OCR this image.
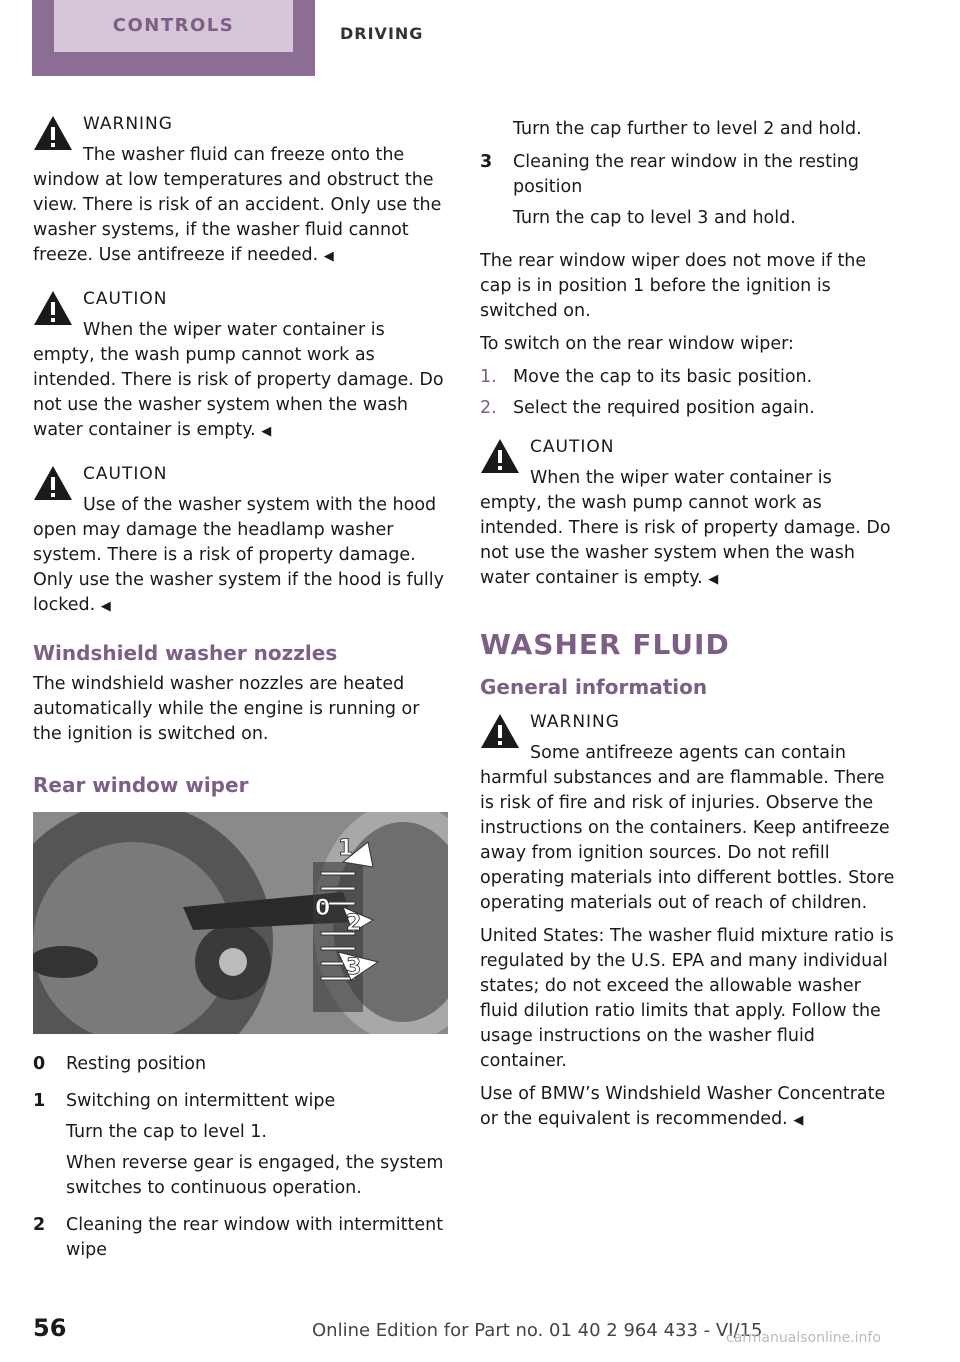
CONTROLS	DRIVING
WARNING
The washer fluid can freeze onto the window at low temperatures and obstruct the view. There is risk of an accident. Only use the washer systems, if the washer fluid cannot freeze. Use antifreeze if needed. ◀
CAUTION
When the wiper water container is empty, the wash pump cannot work as intended. There is risk of property damage. Do not use the washer system when the wash water container is empty. ◀
CAUTION
Use of the washer system with the hood open may damage the headlamp washer system. There is a risk of property damage. Only use the washer system if the hood is fully locked. ◀
Windshield washer nozzles

The windshield washer nozzles are heated automatically while the engine is running or the ignition is switched on.

Rear window wiper
1
0
2
3
0	Resting position

1	Switching on intermittent wipe

Turn the cap to level 1.

When reverse gear is engaged, the system switches to continuous operation.

2	Cleaning the rear window with intermittent wipe

Turn the cap further to level 2 and hold.

3	Cleaning the rear window in the resting position

Turn the cap to level 3 and hold.

The rear window wiper does not move if the cap is in position 1 before the ignition is switched on.

To switch on the rear window wiper:

1. Move the cap to its basic position.
2. Select the required position again.
CAUTION
When the wiper water container is empty, the wash pump cannot work as intended. There is risk of property damage. Do not use the washer system when the wash water container is empty. ◀
WASHER FLUID
General information
WARNING
Some antifreeze agents can contain harmful substances and are flammable. There is risk of fire and risk of injuries. Observe the instructions on the containers. Keep antifreeze away from ignition sources. Do not refill operating materials into different bottles. Store operating materials out of reach of children.

United States: The washer fluid mixture ratio is regulated by the U.S. EPA and many individual states; do not exceed the allowable washer fluid dilution ratio limits that apply. Follow the usage instructions on the washer fluid container.

Use of BMW’s Windshield Washer Concentrate or the equivalent is recommended. ◀

56	Online Edition for Part no. 01 40 2 964 433 - VI/15
carmanualsonline.info
